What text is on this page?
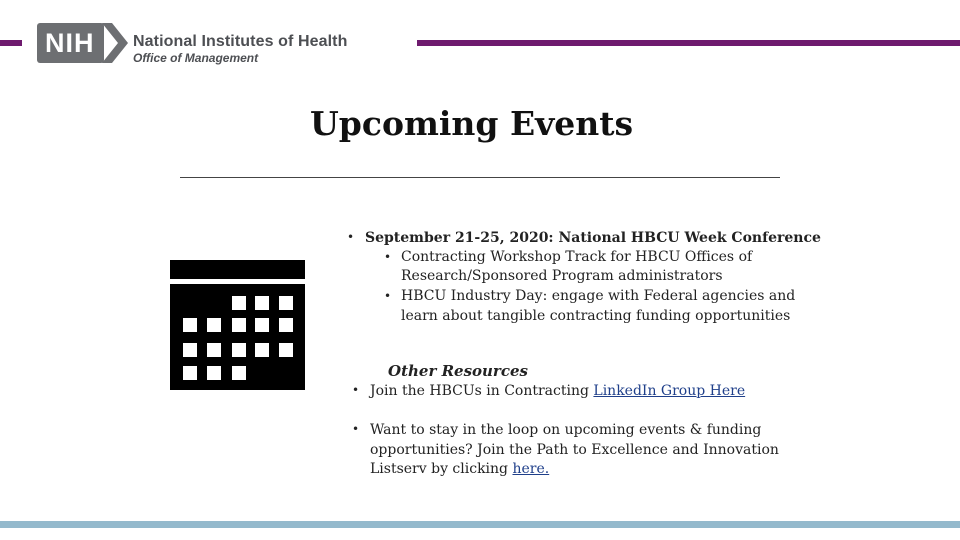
NIH	National Institutes of Health
Office of Management
Upcoming Events
• September 21-25, 2020: National HBCU Week Conference
• Contracting Workshop Track for HBCU Offices of
Research/Sponsored Program administrators
• HBCU Industry Day: engage with Federal agencies and
learn about tangible contracting funding opportunities
Other Resources
• Join the HBCUs in Contracting LinkedIn Group Here
• Want to stay in the loop on upcoming events & funding
opportunities? Join the Path to Excellence and Innovation
Listserv by clicking here.
